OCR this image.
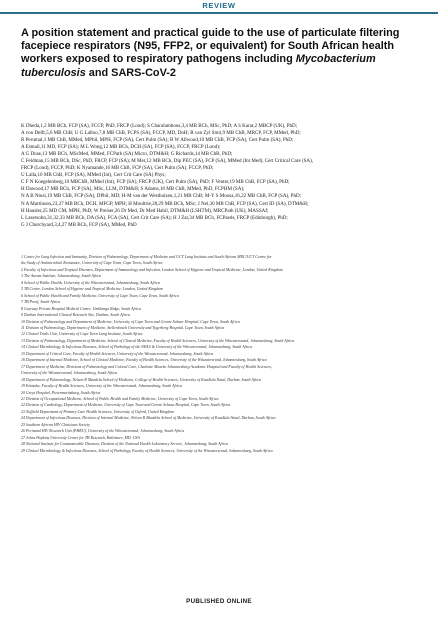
REVIEW
A position statement and practical guide to the use of particulate filtering facepiece respirators (N95, FFP2, or equivalent) for South African health workers exposed to respiratory pathogens including Mycobacterium tuberculosis and SARS-CoV-2

K Dheda,1,2 MB BCh, FCP (SA), FCCP, PhD, FRCP (Lond); S Charalambous,3,4 MB BCh, MSc, PhD; A S Karat,2 MBCP (UK), PhD;

A von Delft,5,6 MB ChB; U G Lalloo,7,8 MB ChB, FCPS (SA), FCCP, MD, DoH; R van Zyl Smit,9 MB ChB, MRCP, FCP, MMed, PhD;

R Perumal,1 MB ChB, MMed, MPhil, MPH, FCP (SA), Cert Pulm (SA); B W Allwood,10 MB ChB, FCP (SA), Cert Pulm (SA), PhD;

A Esmail,11 MD, FCP (SA); M L Wong,12 MB BCh, DCH (SA), FCP (SA), FCCP, FRCP (Lond);

A G Duse,13 MB BCh, MScMed, MMed, FCPath (SA) Micro, DTM&H; G Richards,14 MB ChB, PhD;

C Feldman,15 MB BCh, DSc, PhD, FRCP, FCP (SA); M Mer,12 MB BCh, Dip PEC (SA), FCP (SA), MMed (Int Med), Cert Critical Care (SA),

FRCP (Lond), FCCP, PhD; K Nyamande,16 MB ChB, FCP (SA), Cert Pulm (SA), FCCP, PhD;

U Lalla,10 MB ChB, FCP (SA), MMed (Int), Cert Crit Care (SA) Phys;

C F N Koegelenberg,10 MBChB, MMed (Int), FCP (SA), FRCP (UK), Cert Pulm (SA), PhD; F Venter,19 MB ChB, FCP (SA), PhD;

H Dawood,17 MB BCh, FCP (SA), MSc, LLM, DTM&H; S Adams,18 MB ChB, MMed, PhD, FCPHM (SA);

N A B Ntusi,19 MB ChB, FCP (SA), DPhil, MD; H-M van der Westhuizen,1,21 MB ChB; M-Y S Moosa,16,22 MB ChB, FCP (SA), PhD;

N A Martinson,23,27 MB BCh, DCH, MFGP, MPH; H Moultrie,28,29 MB BCh, MSc; J Nel,30 MB ChB, FCP (SA), Cert ID (SA), DTM&H;

H Hausler,25 MD CM, MPH, PhD; W Preiser,26 Dr Med, Dr Med Habil, DTM&H (LSHTM), MRCPath (UK), MASSAf;

L Lasersohn,31,32,33 MB BCh, DA (SA), FCA (SA), Cert Crit Care (SA); H J Zar,34 MB BCh, FCPaeds, FRCP (Edinburgh), PhD;

G J Churchyard,3,4,27 MB BCh, FCP (SA), MMed, PhD

1 Centre for Lung Infection and Immunity, Division of Pulmonology, Department of Medicine and UCT Lung Institute and South African MRC/UCT Centre for

the Study of Antimicrobial Resistance, University of Cape Town, Cape Town, South Africa

2 Faculty of Infectious and Tropical Diseases, Department of Immunology and Infection, London School of Hygiene and Tropical Medicine, London, United Kingdom

3 The Aurum Institute, Johannesburg, South Africa

4 School of Public Health, University of the Witwatersrand, Johannesburg, South Africa

5 TB Centre, London School of Hygiene and Tropical Medicine, London, United Kingdom

6 School of Public Health and Family Medicine, University of Cape Town, Cape Town, South Africa

7 TB Proof, South Africa

8 Gateway Private Hospital Medical Centre, Umhlanga Ridge, South Africa

9 Durban International Clinical Research Site, Durban, South Africa

10 Division of Pulmonology and Department of Medicine, University of Cape Town and Groote Schuur Hospital, Cape Town, South Africa

11 Division of Pulmonology, Department of Medicine, Stellenbosch University and Tygerberg Hospital, Cape Town, South Africa

12 Clinical Trials Unit, University of Cape Town Lung Institute, South Africa

13 Division of Pulmonology, Department of Medicine, School of Clinical Medicine, Faculty of Health Sciences, University of the Witwatersrand, Johannesburg, South Africa

14 Clinical Microbiology & Infectious Diseases, School of Pathology of the NHLS & University of the Witwatersrand, Johannesburg, South Africa

15 Department of Critical Care, Faculty of Health Sciences, University of the Witwatersrand, Johannesburg, South Africa

16 Department of Internal Medicine, School of Clinical Medicine, Faculty of Health Sciences, University of the Witwatersrand, Johannesburg, South Africa

17 Department of Medicine, Divisions of Pulmonology and Critical Care, Charlotte Maxeke Johannesburg Academic Hospital and Faculty of Health Sciences,

University of the Witwatersrand, Johannesburg, South Africa

18 Department of Pulmonology, Nelson R Mandela School of Medicine, College of Health Sciences, University of KwaZulu Natal, Durban, South Africa

19 Ezintsha, Faculty of Health Sciences, University of the Witwatersrand, Johannesburg, South Africa

20 Greys Hospital, Pietermaritzburg, South Africa

21 Division of Occupational Medicine, School of Public Health and Family Medicine, University of Cape Town, South Africa

22 Division of Cardiology, Department of Medicine, University of Cape Town and Groote Schuur Hospital, Cape Town, South Africa

23 Nuffield Department of Primary Care Health Sciences, University of Oxford, United Kingdom

24 Department of Infectious Diseases, Division of Internal Medicine, Nelson R Mandela School of Medicine, University of KwaZulu-Natal, Durban, South Africa

25 Southern African HIV Clinicians Society

26 Perinatal HIV Research Unit (PHRU), University of the Witwatersrand, Johannesburg, South Africa

27 Johns Hopkins University Center for TB Research, Baltimore, MD, USA

28 National Institute for Communicable Diseases, Division of the National Health Laboratory Service, Johannesburg, South Africa

29 Clinical Microbiology & Infectious Diseases, School of Pathology, Faculty of Health Sciences, University of the Witwatersrand, Johannesburg, South Africa

PUBLISHED ONLINE
